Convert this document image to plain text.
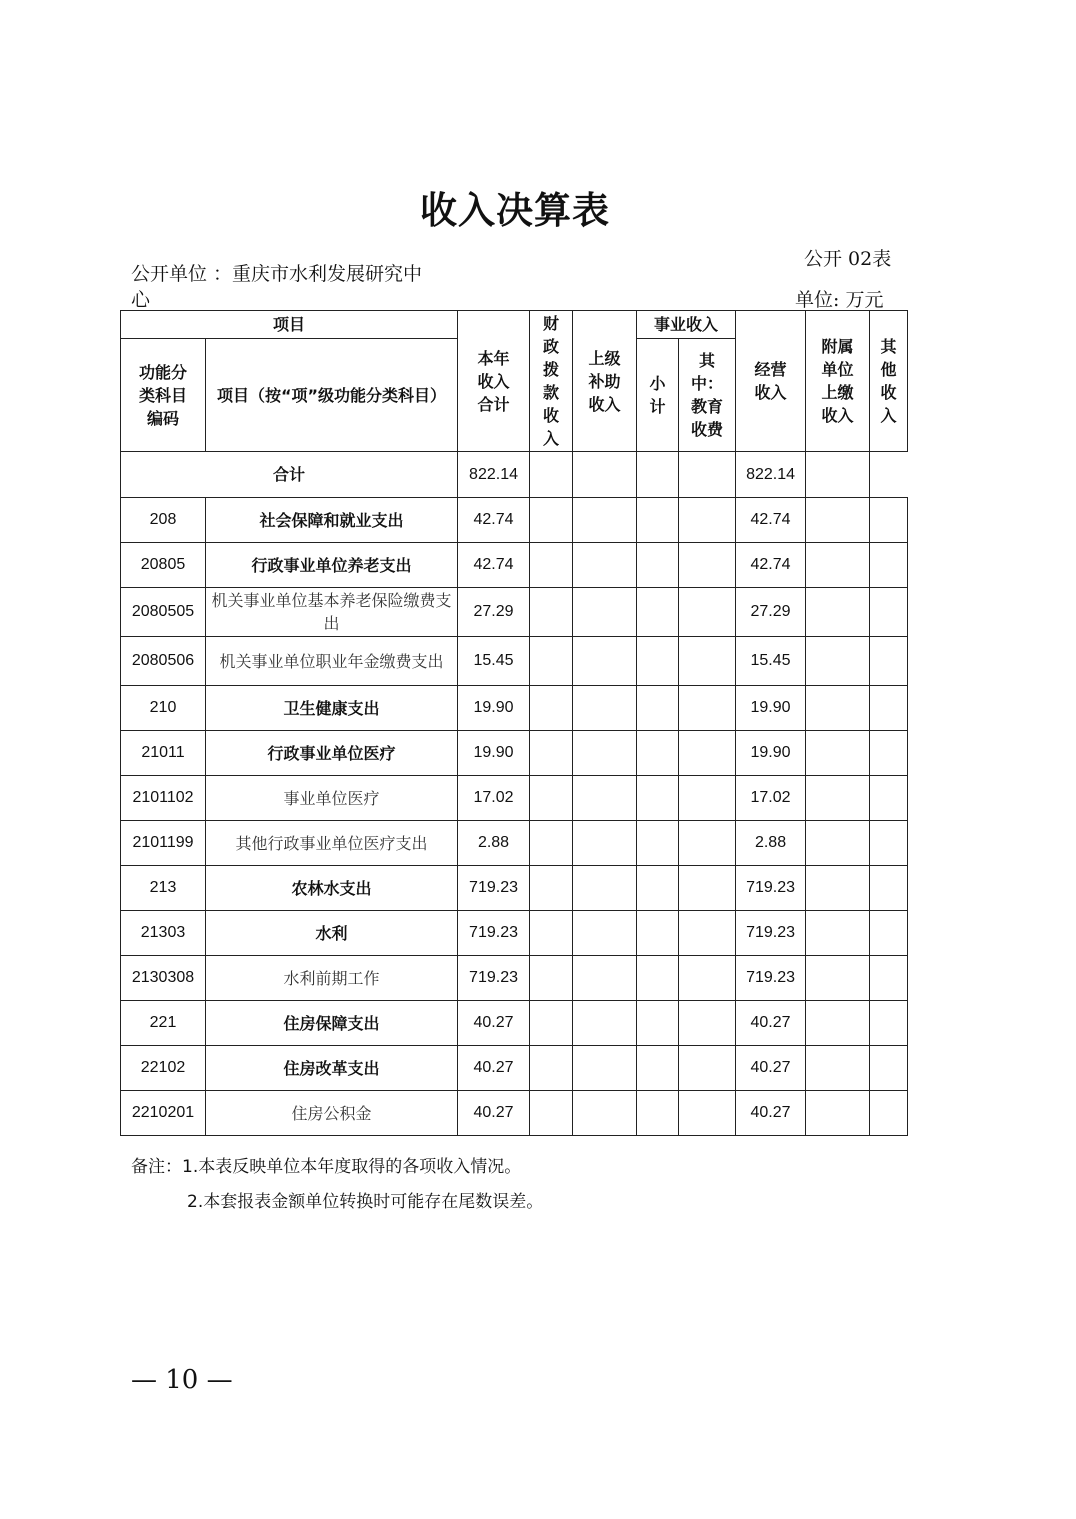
收入决算表
公开 02表
公开单位 ：重庆市水利发展研究中
心	单位: 万元
项目		本年收入合计	财政拨款收入	上级补助收入	事业收入		经营收入	附属单位上缴收入	其他收入
功能分类科目编码	项目（按“项”级功能分类科目）				小计	其中：教育收费			
合计		822.14					822.14		
208	社会保障和就业支出	42.74					42.74		
20805	行政事业单位养老支出	42.74					42.74		
2080505	机关事业单位基本养老保险缴费支出	27.29					27.29		
2080506	机关事业单位职业年金缴费支出	15.45					15.45		
210	卫生健康支出	19.90					19.90		
21011	行政事业单位医疗	19.90					19.90		
2101102	事业单位医疗	17.02					17.02		
2101199	其他行政事业单位医疗支出	2.88					2.88		
213	农林水支出	719.23					719.23		
21303	水利	719.23					719.23		
2130308	水利前期工作	719.23					719.23		
221	住房保障支出	40.27					40.27		
22102	住房改革支出	40.27					40.27		
2210201	住房公积金	40.27					40.27		
备注：1.本表反映单位本年度取得的各项收入情况。
2.本套报表金额单位转换时可能存在尾数误差。
— 10 —
